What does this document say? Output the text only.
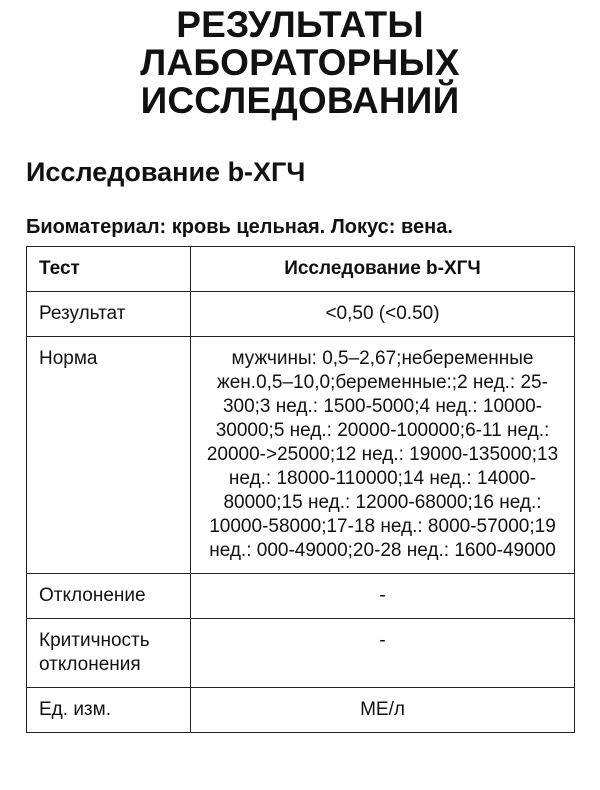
РЕЗУЛЬТАТЫ
ЛАБОРАТОРНЫХ
ИССЛЕДОВАНИЙ
Исследование b-ХГЧ
Биоматериал: кровь цельная. Локус: вена.
Тест	Исследование b-ХГЧ
Результат	<0,50 (<0.50)
Норма	мужчины: 0,5–2,67;небеременные жен.0,5–10,0;беременные:;2 нед.: 25-300;3 нед.: 1500-5000;4 нед.: 10000-30000;5 нед.: 20000-100000;6-11 нед.: 20000->25000;12 нед.: 19000-135000;13 нед.: 18000-110000;14 нед.: 14000-80000;15 нед.: 12000-68000;16 нед.: 10000-58000;17-18 нед.: 8000-57000;19 нед.: 000-49000;20-28 нед.: 1600-49000
Отклонение	-
Критичность отклонения	-
Ед. изм.	МЕ/л
